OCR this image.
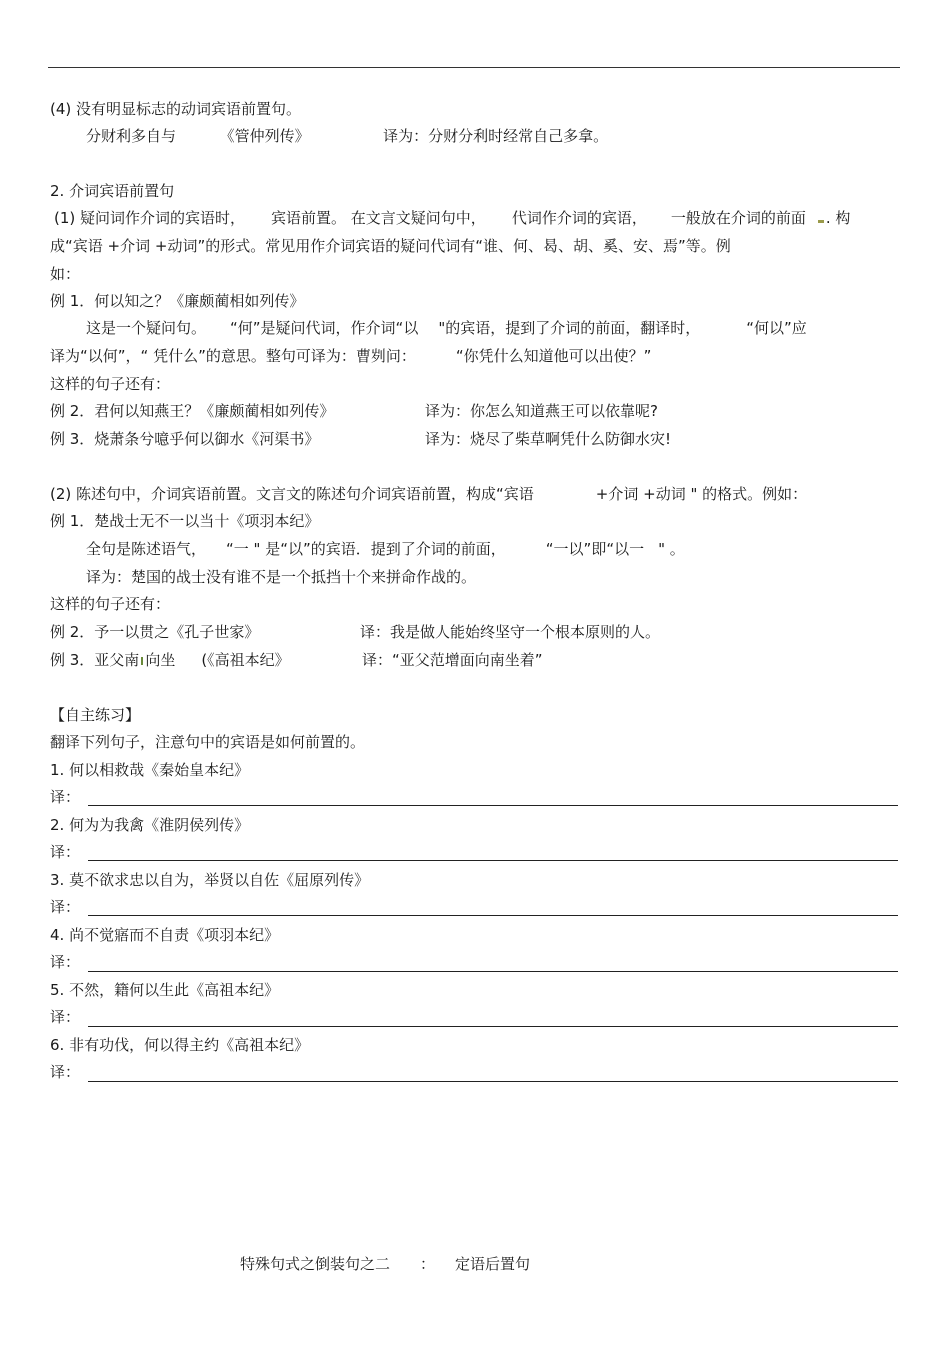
(4) 没有明显标志的动词宾语前置句。
分财利多自与	《管仲列传》	译为：分财分利时经常自己多拿。
2. 介词宾语前置句
(1) 疑问词作介词的宾语时， 宾语前置。 在文言文疑问句中， 代词作介词的宾语， 一般放在介词的前面 . 构
成“宾语 +介词 +动词”的形式。常见用作介词宾语的疑问代词有“谁、何、曷、胡、奚、安、焉”等。例
如：
例 1．何以知之？《廉颇蔺相如列传》
这是一个疑问句。 “何”是疑问代词，作介词“以 "的宾语，提到了介词的前面，翻译时，	“何以”应
译为“以何”，“ 凭什么”的意思。整句可译为：曹刿问：	“你凭什么知道他可以出使？”
这样的句子还有：
例 2．君何以知燕王？《廉颇蔺相如列传》	译为：你怎么知道燕王可以依靠呢?
例 3．烧萧条兮噫乎何以御水《河渠书》	译为：烧尽了柴草啊凭什么防御水灾!
(2) 陈述句中，介词宾语前置。文言文的陈述句介词宾语前置，构成“宾语	+介词 +动词 " 的格式。例如：
例 1．楚战士无不一以当十《项羽本纪》
全句是陈述语气， “一 " 是“以”的宾语．提到了介词的前面，	“一以”即“以一 " 。
译为：楚国的战士没有谁不是一个抵挡十个来拼命作战的。
这样的句子还有：
例 2．予一以贯之《孔子世家》	译：我是做人能始终坚守一个根本原则的人。
例 3．亚父南 向坐 (《高祖本纪》	译：“亚父范增面向南坐着”
【自主练习】
翻译下列句子，注意句中的宾语是如何前置的。
1. 何以相救哉《秦始皇本纪》
译：
2. 何为为我禽《淮阴侯列传》
译：
3. 莫不欲求忠以自为，举贤以自佐《屈原列传》
译：
4. 尚不觉寤而不自责《项羽本纪》
译：
5. 不然，籍何以生此《高祖本纪》
译：
6. 非有功伐，何以得主约《高祖本纪》
译：
特殊句式之倒装句之二 ： 定语后置句
